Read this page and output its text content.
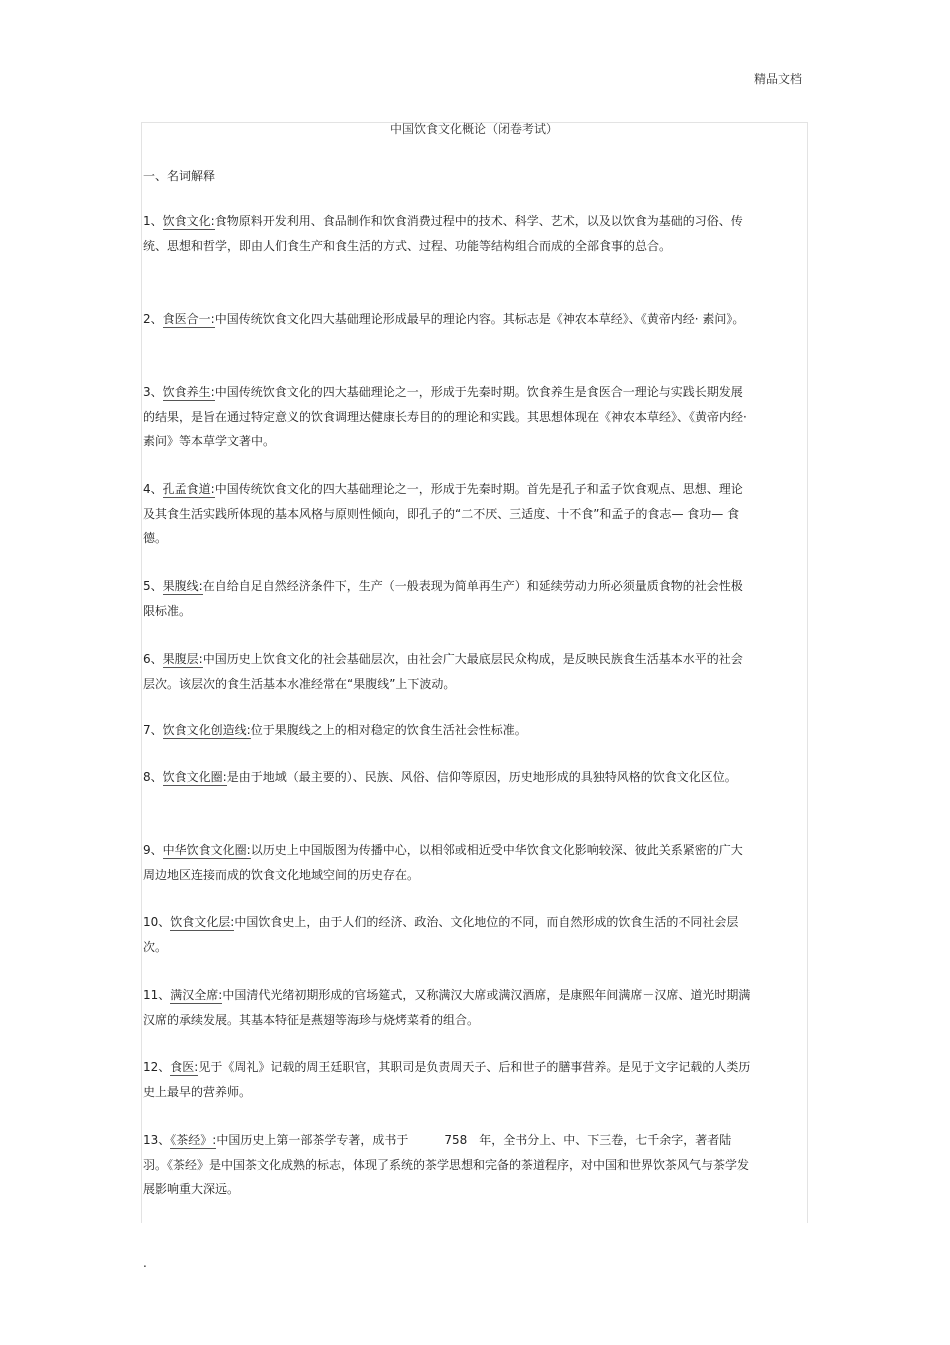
精品文档
中国饮食文化概论（闭卷考试）
一、名词解释
1、饮食文化:食物原料开发利用、食品制作和饮食消费过程中的技术、科学、艺术，以及以饮食为基础的习俗、传统、思想和哲学，即由人们食生产和食生活的方式、过程、功能等结构组合而成的全部食事的总合。
2、食医合一:中国传统饮食文化四大基础理论形成最早的理论内容。其标志是《神农本草经》、《黄帝内经· 素问》。
3、饮食养生:中国传统饮食文化的四大基础理论之一，形成于先秦时期。饮食养生是食医合一理论与实践长期发展的结果，是旨在通过特定意义的饮食调理达健康长寿目的的理论和实践。其思想体现在《神农本草经》、《黄帝内经· 素问》等本草学文著中。
4、孔孟食道:中国传统饮食文化的四大基础理论之一，形成于先秦时期。首先是孔子和孟子饮食观点、思想、理论及其食生活实践所体现的基本风格与原则性倾向，即孔子的“二不厌、三适度、十不食”和孟子的食志— 食功— 食德。
5、果腹线:在自给自足自然经济条件下，生产（一般表现为简单再生产）和延续劳动力所必须量质食物的社会性极限标准。
6、果腹层:中国历史上饮食文化的社会基础层次，由社会广大最底层民众构成，是反映民族食生活基本水平的社会层次。该层次的食生活基本水准经常在“果腹线”上下波动。
7、饮食文化创造线:位于果腹线之上的相对稳定的饮食生活社会性标准。
8、饮食文化圈:是由于地域（最主要的）、民族、风俗、信仰等原因，历史地形成的具独特风格的饮食文化区位。
9、中华饮食文化圈:以历史上中国版图为传播中心，以相邻或相近受中华饮食文化影响较深、彼此关系紧密的广大周边地区连接而成的饮食文化地域空间的历史存在。
10、饮食文化层:中国饮食史上，由于人们的经济、政治、文化地位的不同，而自然形成的饮食生活的不同社会层次。
11、满汉全席:中国清代光绪初期形成的官场筵式，又称满汉大席或满汉酒席，是康熙年间满席－汉席、道光时期满汉席的承续发展。其基本特征是燕翅等海珍与烧烤菜肴的组合。
12、食医:见于《周礼》记载的周王廷职官，其职司是负责周天子、后和世子的膳事营养。是见于文字记载的人类历史上最早的营养师。
13、《茶经》:中国历史上第一部茶学专著，成书于	758 年，全书分上、中、下三卷，七千余字，著者陆羽。《茶经》是中国茶文化成熟的标志，体现了系统的茶学思想和完备的茶道程序，对中国和世界饮茶风气与茶学发展影响重大深远。
.
